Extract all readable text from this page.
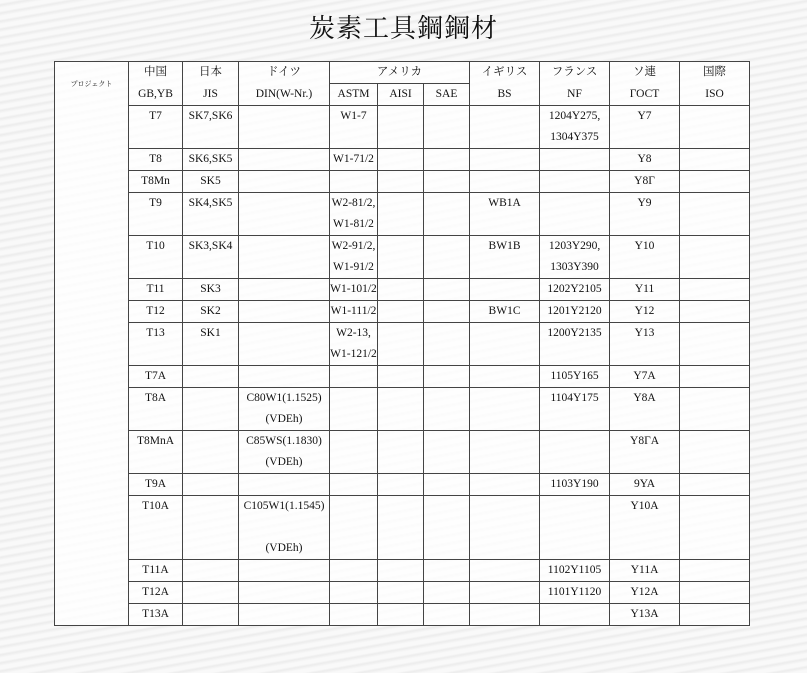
炭素工具鋼鋼材
プロジェクト	中国	日本	ドイツ	アメリカ			イギリス	フランス	ソ連	国際
	GB,YB	JIS	DIN(W-Nr.)	ASTM	AISI	SAE	BS	NF	ГОСТ	ISO
	T7	SK7,SK6		W1-7				1204Y275,
1304Y375	Y7	
	T8	SK6,SK5		W1-71/2					Y8	
	T8Mn	SK5							Y8Г	
	T9	SK4,SK5		W2-81/2,
W1-81/2			WB1A		Y9	
	T10	SK3,SK4		W2-91/2,
W1-91/2			BW1B	1203Y290,
1303Y390	Y10	
	T11	SK3		W1-101/2				1202Y2105	Y11	
	T12	SK2		W1-111/2			BW1C	1201Y2120	Y12	
	T13	SK1		W2-13,
W1-121/2				1200Y2135	Y13	
	T7A							1105Y165	Y7A	
	T8A		C80W1(1.1525)
(VDEh)					1104Y175	Y8A	
	T8MnA		C85WS(1.1830)
(VDEh)						Y8ГA	
	T9A							1103Y190	9YA	
	T10A		C105W1(1.1545)

(VDEh)						Y10A	
	T11A							1102Y1105	Y11A	
	T12A							1101Y1120	Y12A	
	T13A								Y13A	
